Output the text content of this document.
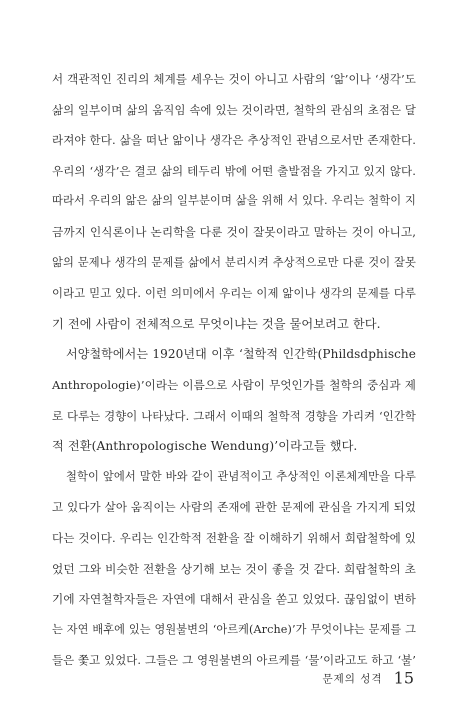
서 객관적인 진리의 체계를 세우는 것이 아니고 사람의 ‘앎’이나 ‘생각’도
삶의 일부이며 삶의 움직임 속에 있는 것이라면, 철학의 관심의 초점은 달
라져야 한다. 삶을 떠난 앎이나 생각은 추상적인 관념으로서만 존재한다.
우리의 ‘생각’은 결코 삶의 테두리 밖에 어떤 출발점을 가지고 있지 않다.
따라서 우리의 앎은 삶의 일부분이며 삶을 위해 서 있다. 우리는 철학이 지
금까지 인식론이나 논리학을 다룬 것이 잘못이라고 말하는 것이 아니고,
앎의 문제나 생각의 문제를 삶에서 분리시켜 추상적으로만 다룬 것이 잘못
이라고 믿고 있다. 이런 의미에서 우리는 이제 앎이나 생각의 문제를 다루
기 전에 사람이 전체적으로 무엇이냐는 것을 물어보려고 한다.
서양철학에서는 1920년대 이후 ‘철학적 인간학(Phildsdphische
Anthropologie)’이라는 이름으로 사람이 무엇인가를 철학의 중심과 제
로 다루는 경향이 나타났다. 그래서 이때의 철학적 경향을 가리켜 ‘인간학
적 전환(Anthropologische Wendung)’이라고들 했다.
철학이 앞에서 말한 바와 같이 관념적이고 추상적인 이론체계만을 다루
고 있다가 살아 움직이는 사람의 존재에 관한 문제에 관심을 가지게 되었
다는 것이다. 우리는 인간학적 전환을 잘 이해하기 위해서 희랍철학에 있
었던 그와 비슷한 전환을 상기해 보는 것이 좋을 것 같다. 희랍철학의 초
기에 자연철학자들은 자연에 대해서 관심을 쏟고 있었다. 끊임없이 변하
는 자연 배후에 있는 영원불변의 ‘아르케(Arche)’가 무엇이냐는 문제를 그
들은 쫓고 있었다. 그들은 그 영원불변의 아르케를 ‘물’이라고도 하고 ‘불’
문제의 성격 15
